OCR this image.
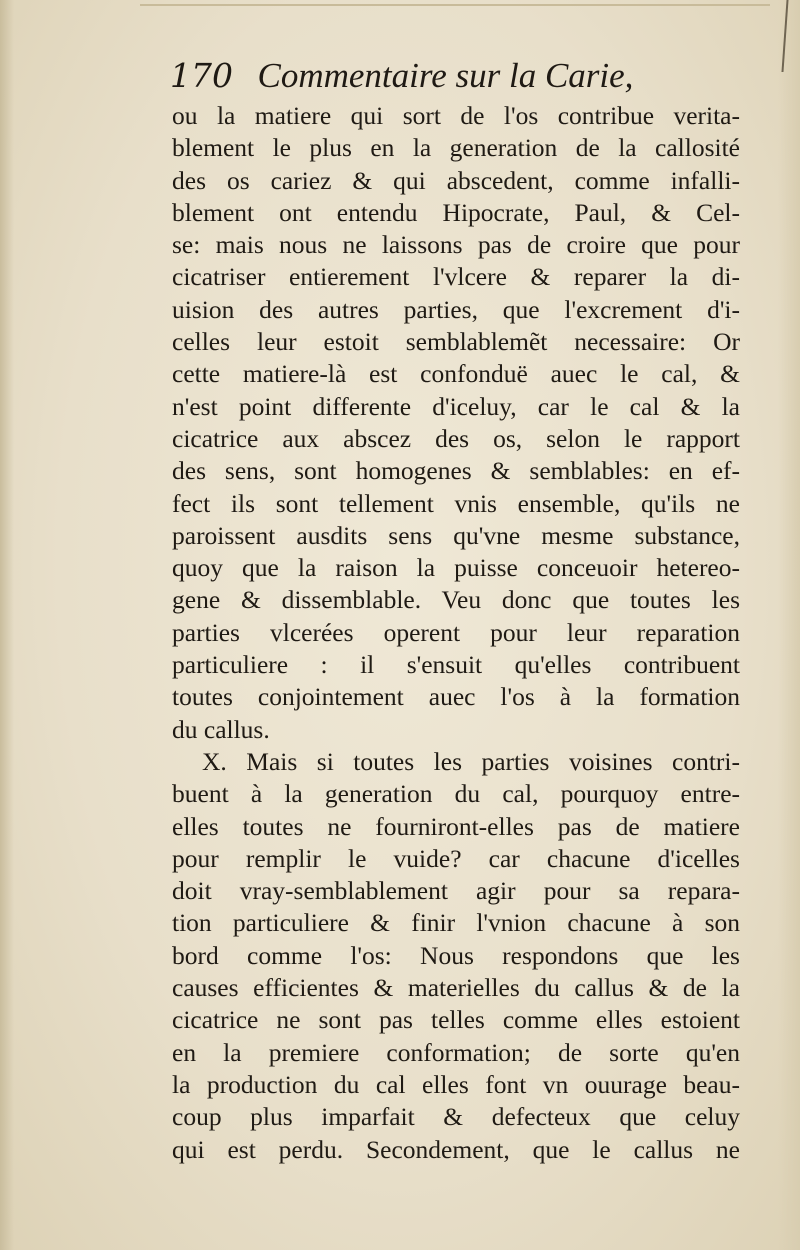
170 Commentaire sur la Carie,
ou la matiere qui sort de l'os contribue verita-
blement le plus en la generation de la callosité
des os cariez & qui abscedent, comme infalli-
blement ont entendu Hipocrate, Paul, & Cel-
se: mais nous ne laissons pas de croire que pour
cicatriser entierement l'vlcere & reparer la di-
uision des autres parties, que l'excrement d'i-
celles leur estoit semblablemẽt necessaire: Or
cette matiere-là est confonduë auec le cal, &
n'est point differente d'iceluy, car le cal & la
cicatrice aux abscez des os, selon le rapport
des sens, sont homogenes & semblables: en ef-
fect ils sont tellement vnis ensemble, qu'ils ne
paroissent ausdits sens qu'vne mesme substance,
quoy que la raison la puisse conceuoir hetereo-
gene & dissemblable. Veu donc que toutes les
parties vlcerées operent pour leur reparation
particuliere : il s'ensuit qu'elles contribuent
toutes conjointement auec l'os à la formation
du callus.
X. Mais si toutes les parties voisines contri-
buent à la generation du cal, pourquoy entre-
elles toutes ne fourniront-elles pas de matiere
pour remplir le vuide? car chacune d'icelles
doit vray-semblablement agir pour sa repara-
tion particuliere & finir l'vnion chacune à son
bord comme l'os: Nous respondons que les
causes efficientes & materielles du callus & de la
cicatrice ne sont pas telles comme elles estoient
en la premiere conformation; de sorte qu'en
la production du cal elles font vn ouurage beau-
coup plus imparfait & defecteux que celuy
qui est perdu. Secondement, que le callus ne
